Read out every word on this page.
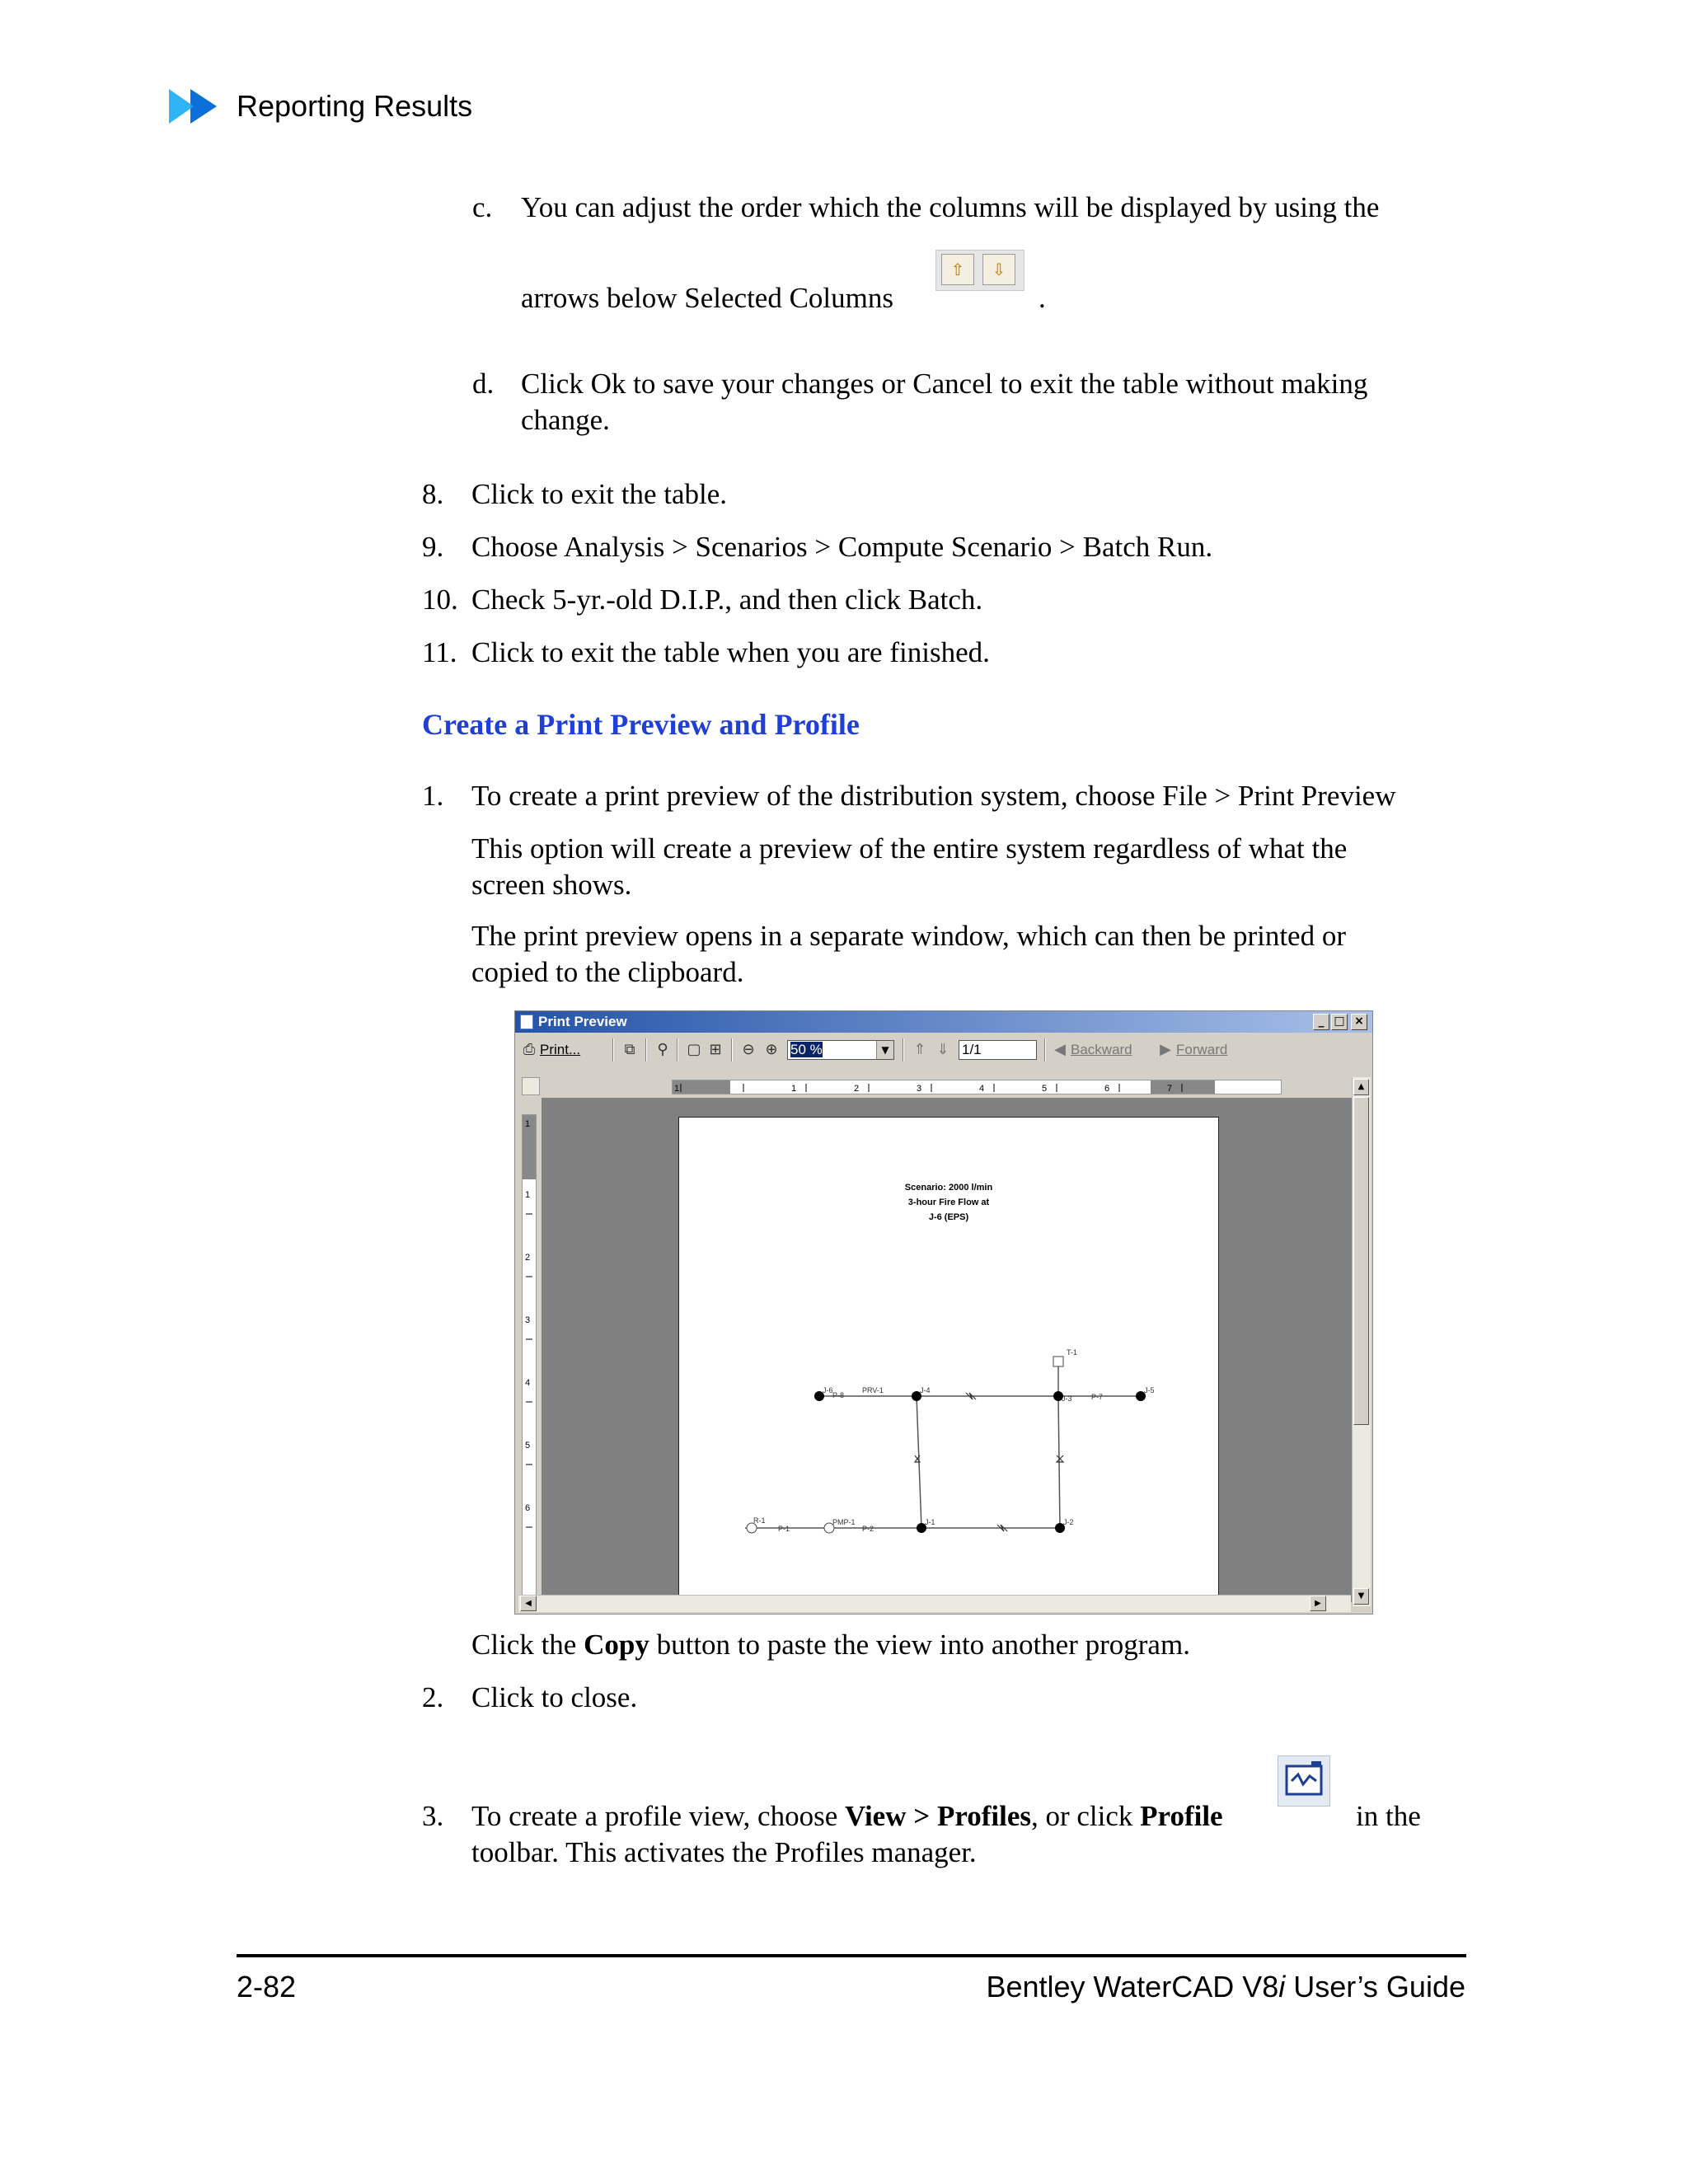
Reporting Results
c. You can adjust the order which the columns will be displayed by using the
arrows below Selected Columns
⇧	⇩
.
d. Click Ok to save your changes or Cancel to exit the table without making
change.
8. Click to exit the table.
9. Choose Analysis > Scenarios > Compute Scenario > Batch Run.
10. Check 5-yr.-old D.I.P., and then click Batch.
11. Click to exit the table when you are finished.
Create a Print Preview and Profile
1. To create a print preview of the distribution system, choose File > Print Preview
This option will create a preview of the entire system regardless of what the
screen shows.
The print preview opens in a separate window, which can then be printed or
copied to the clipboard.
Print Preview	_ □ ×
⎙ Print...	⧉ ⚲ ▢ ⊞ ⊖ ⊕ 50 %	▼ ⇑ ⇓ 1/1	◀ Backward ▶ Forward
1	1	2	3	4	5	6	7
1
1
2
3
4
5
6
Scenario: 2000 l/min
3-hour Fire Flow at
J-6 (EPS)
J-6
P-8
PRV-1	J-4
J-3	P-7
J-5
T-1
R-1
P-1
PMP-1
P-2
J-1	J-2
▲
▼
◀	▶
Click the Copy button to paste the view into another program.
2. Click to close.
3. To create a profile view, choose View > Profiles, or click Profile	in the
toolbar. This activates the Profiles manager.
2-82	Bentley WaterCAD V8i User’s Guide
